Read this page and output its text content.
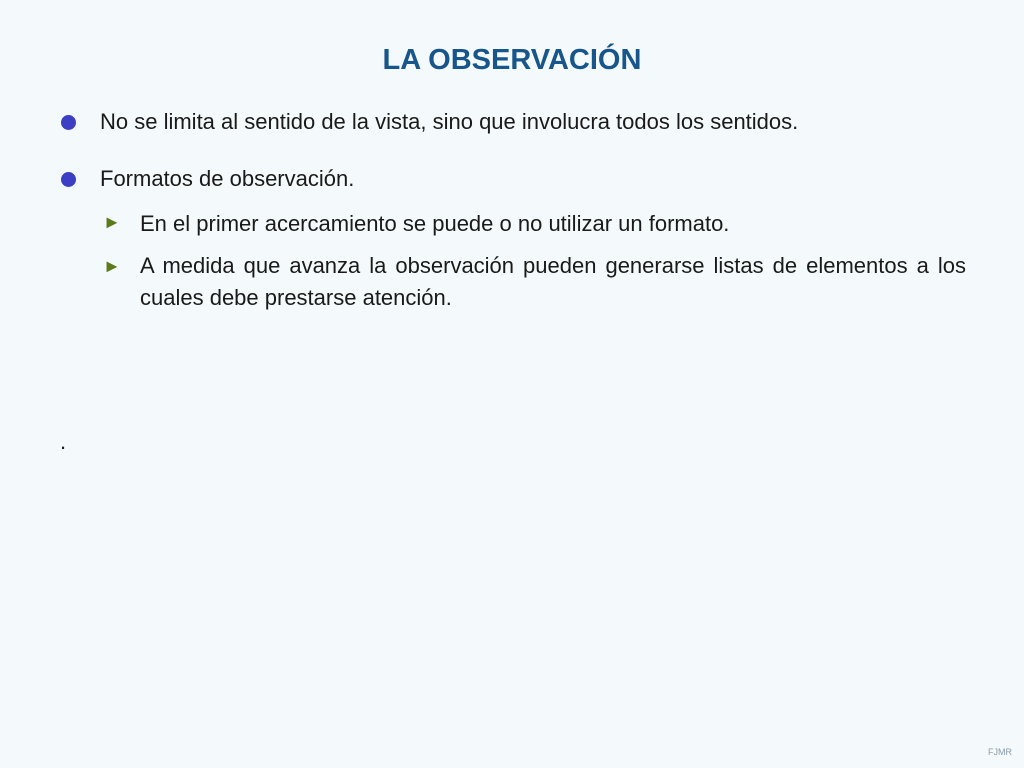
LA OBSERVACIÓN
No se limita al sentido de la vista, sino que involucra todos los sentidos.
Formatos de observación.
► En el primer acercamiento se puede o no utilizar un formato.
► A medida que avanza la observación pueden generarse listas de elementos a los cuales debe prestarse atención.
.
FJMR
